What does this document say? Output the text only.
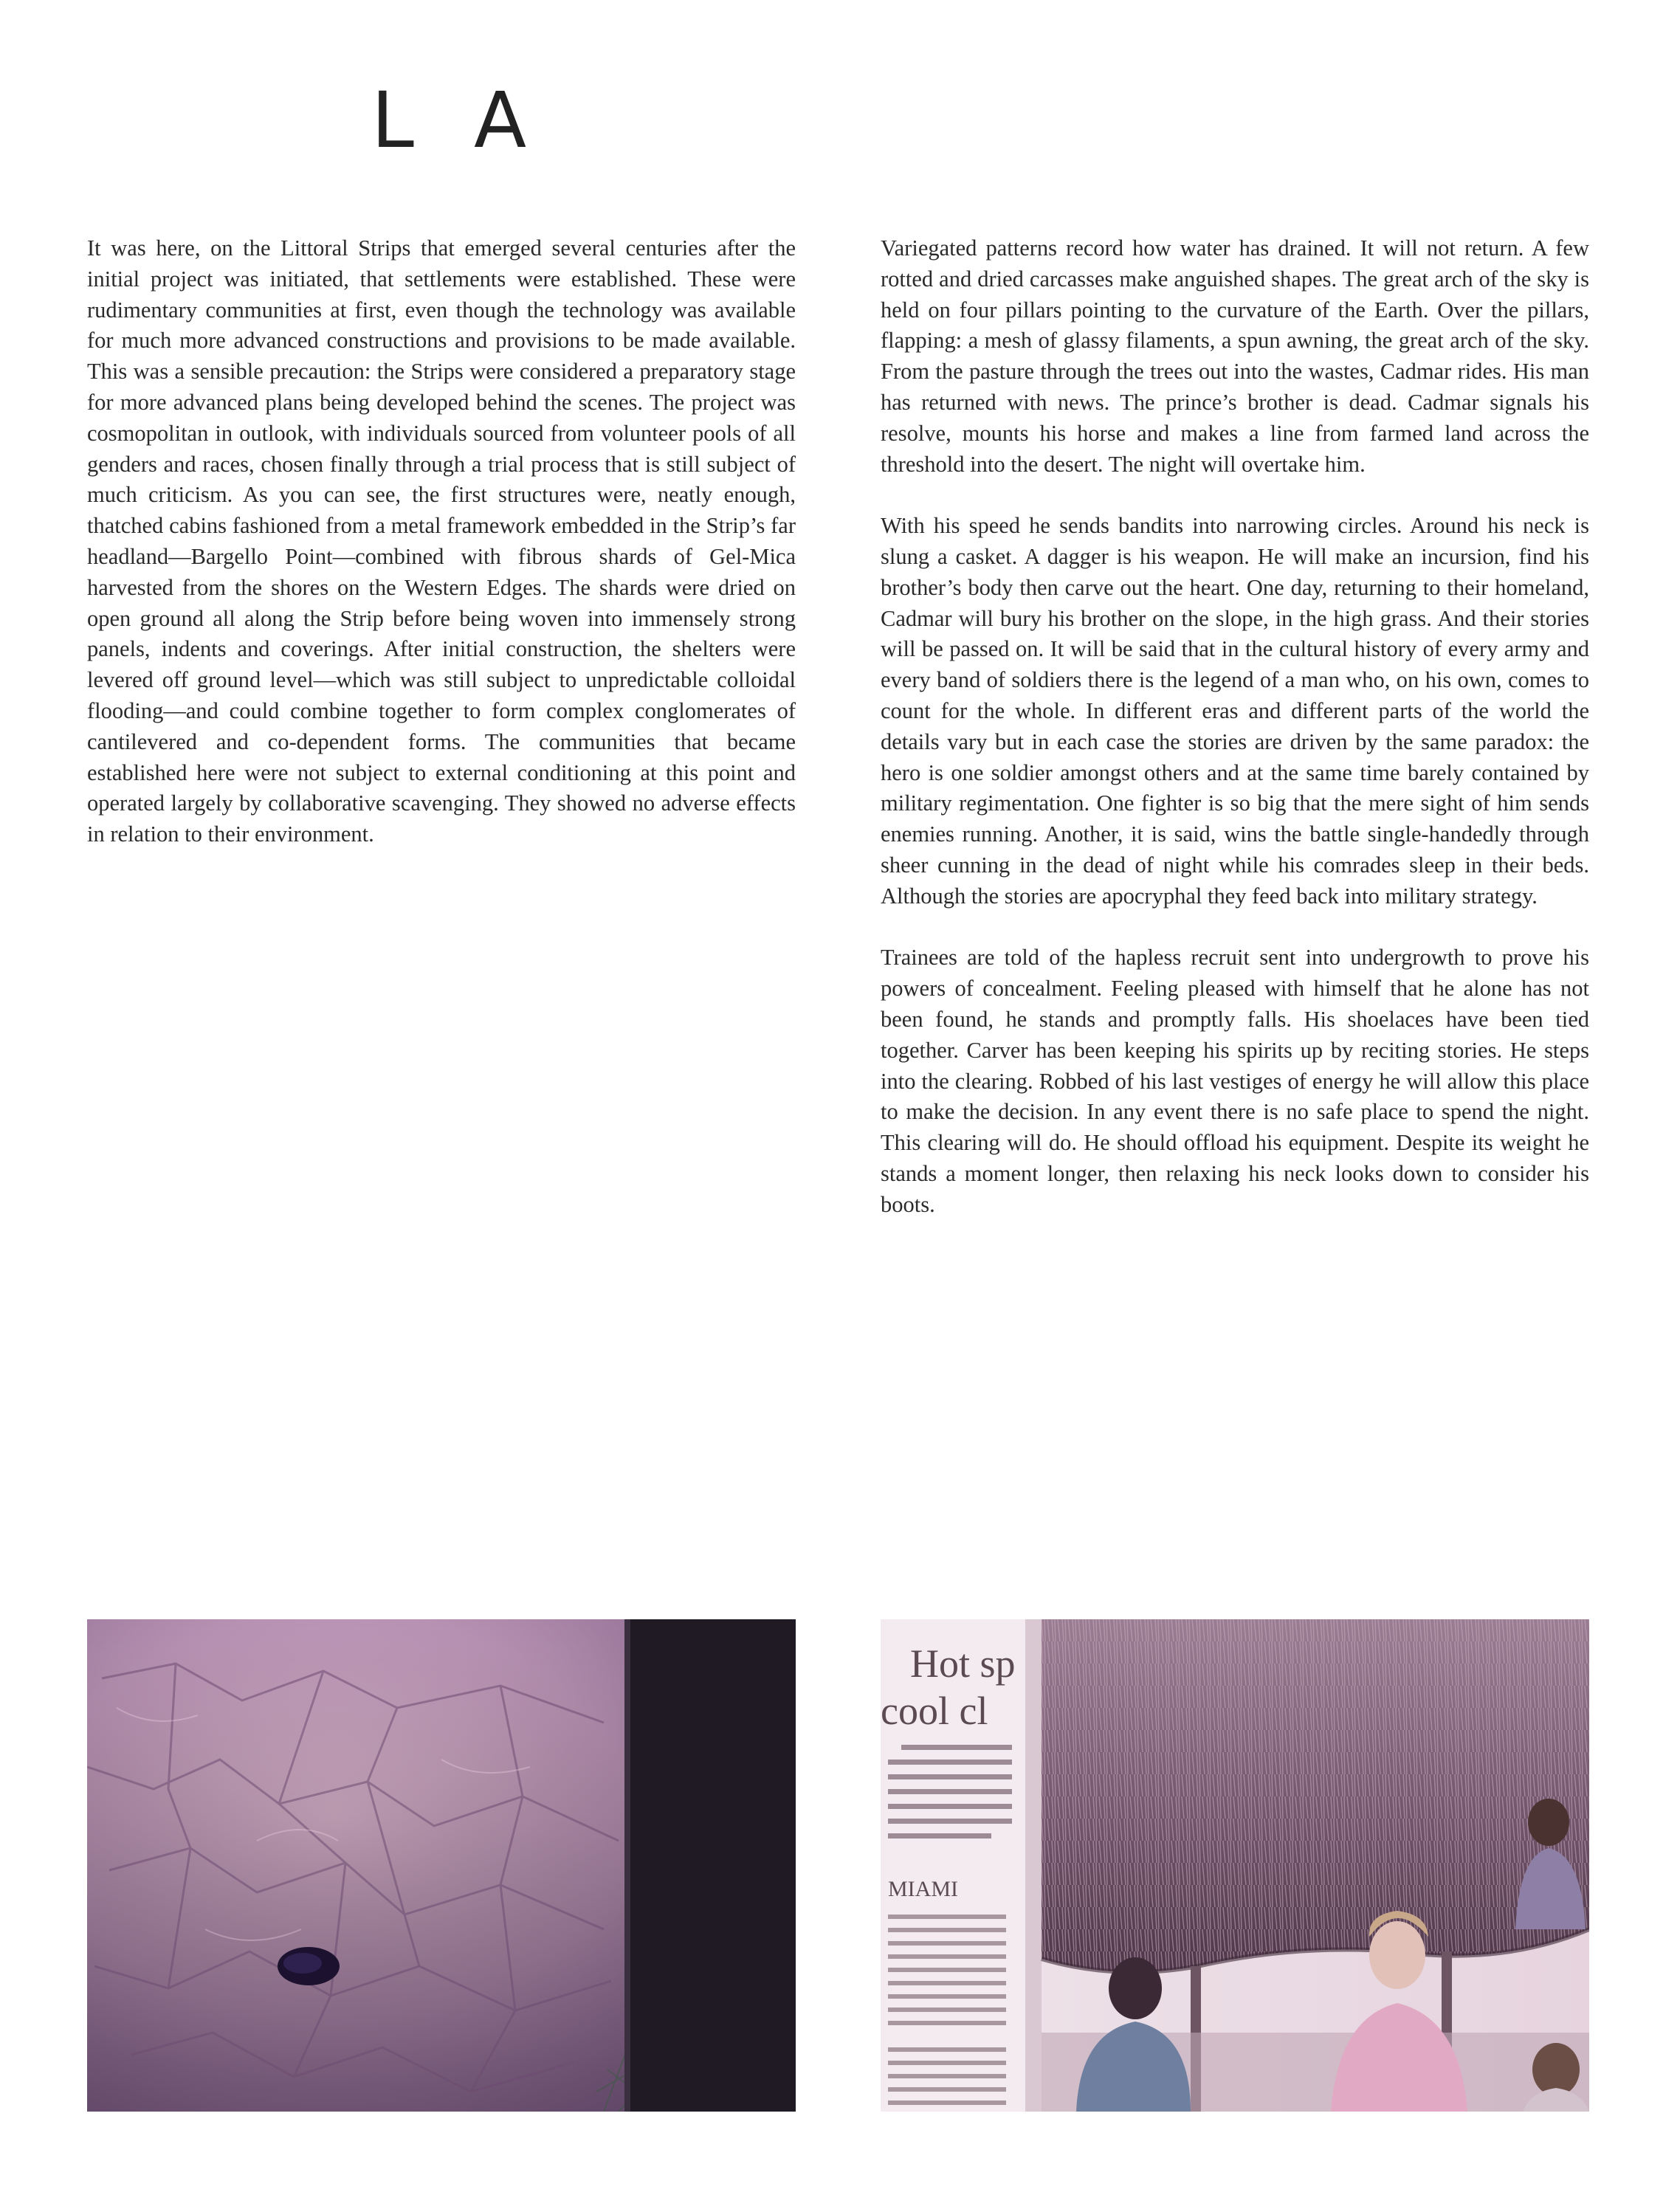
L A

It was here, on the Littoral Strips that emerged several centuries after the initial project was initiated, that settlements were established. These were rudimentary communities at first, even though the technology was available for much more advanced constructions and provisions to be made available. This was a sensible precaution: the Strips were considered a preparatory stage for more advanced plans being developed behind the scenes. The project was cosmopolitan in outlook, with individuals sourced from volunteer pools of all genders and races, chosen finally through a trial process that is still subject of much criticism. As you can see, the first structures were, neatly enough, thatched cabins fashioned from a metal framework embedded in the Strip’s far headland—Bargello Point—combined with fibrous shards of Gel-Mica harvested from the shores on the Western Edges. The shards were dried on open ground all along the Strip before being woven into immensely strong panels, indents and coverings. After initial construction, the shelters were levered off ground level—which was still subject to unpredictable colloidal flooding—and could combine together to form complex conglomerates of cantilevered and co-dependent forms. The communities that became established here were not subject to external conditioning at this point and operated largely by collaborative scavenging. They showed no adverse effects in relation to their environment.

Variegated patterns record how water has drained. It will not return. A few rotted and dried carcasses make anguished shapes. The great arch of the sky is held on four pillars pointing to the curvature of the Earth. Over the pillars, flapping: a mesh of glassy filaments, a spun awning, the great arch of the sky. From the pasture through the trees out into the wastes, Cadmar rides. His man has returned with news. The prince’s brother is dead. Cadmar signals his resolve, mounts his horse and makes a line from farmed land across the threshold into the desert. The night will overtake him.

With his speed he sends bandits into narrowing circles. Around his neck is slung a casket. A dagger is his weapon. He will make an incursion, find his brother’s body then carve out the heart. One day, returning to their homeland, Cadmar will bury his brother on the slope, in the high grass. And their stories will be passed on. It will be said that in the cultural history of every army and every band of soldiers there is the legend of a man who, on his own, comes to count for the whole. In different eras and different parts of the world the details vary but in each case the stories are driven by the same paradox: the hero is one soldier amongst others and at the same time barely contained by military regimentation. One fighter is so big that the mere sight of him sends enemies running. Another, it is said, wins the battle single-handedly through sheer cunning in the dead of night while his comrades sleep in their beds. Although the stories are apocryphal they feed back into military strategy.

Trainees are told of the hapless recruit sent into undergrowth to prove his powers of concealment. Feeling pleased with himself that he alone has not been found, he stands and promptly falls. His shoelaces have been tied together. Carver has been keeping his spirits up by reciting stories. He steps into the clearing. Robbed of his last vestiges of energy he will allow this place to make the decision. In any event there is no safe place to spend the night. This clearing will do. He should offload his equipment. Despite its weight he stands a moment longer, then relaxing his neck looks down to consider his boots.

Hot sp
cool cl
MIAMI
